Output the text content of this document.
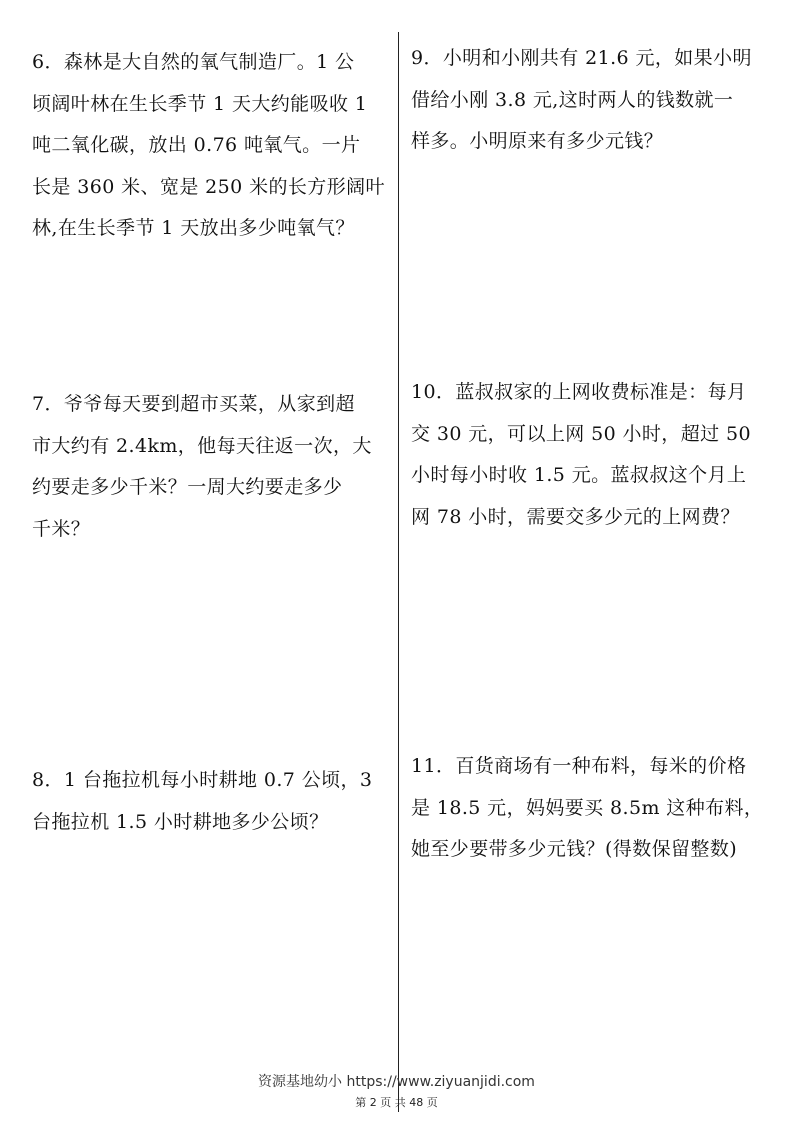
6．森林是大自然的氧气制造厂。1 公
顷阔叶林在生长季节 1 天大约能吸收 1
吨二氧化碳，放出 0.76 吨氧气。一片
长是 360 米、宽是 250 米的长方形阔叶
林,在生长季节 1 天放出多少吨氧气？
7．爷爷每天要到超市买菜，从家到超
市大约有 2.4km，他每天往返一次，大
约要走多少千米？一周大约要走多少
千米？
8．1 台拖拉机每小时耕地 0.7 公顷，3
台拖拉机 1.5 小时耕地多少公顷？
9．小明和小刚共有 21.6 元，如果小明
借给小刚 3.8 元,这时两人的钱数就一
样多。小明原来有多少元钱？
10．蓝叔叔家的上网收费标准是：每月
交 30 元，可以上网 50 小时，超过 50
小时每小时收 1.5 元。蓝叔叔这个月上
网 78 小时，需要交多少元的上网费？
11．百货商场有一种布料，每米的价格
是 18.5 元，妈妈要买 8.5m 这种布料，
她至少要带多少元钱？(得数保留整数)
资源基地幼小 https://www.ziyuanjidi.com
第 2 页 共 48 页
